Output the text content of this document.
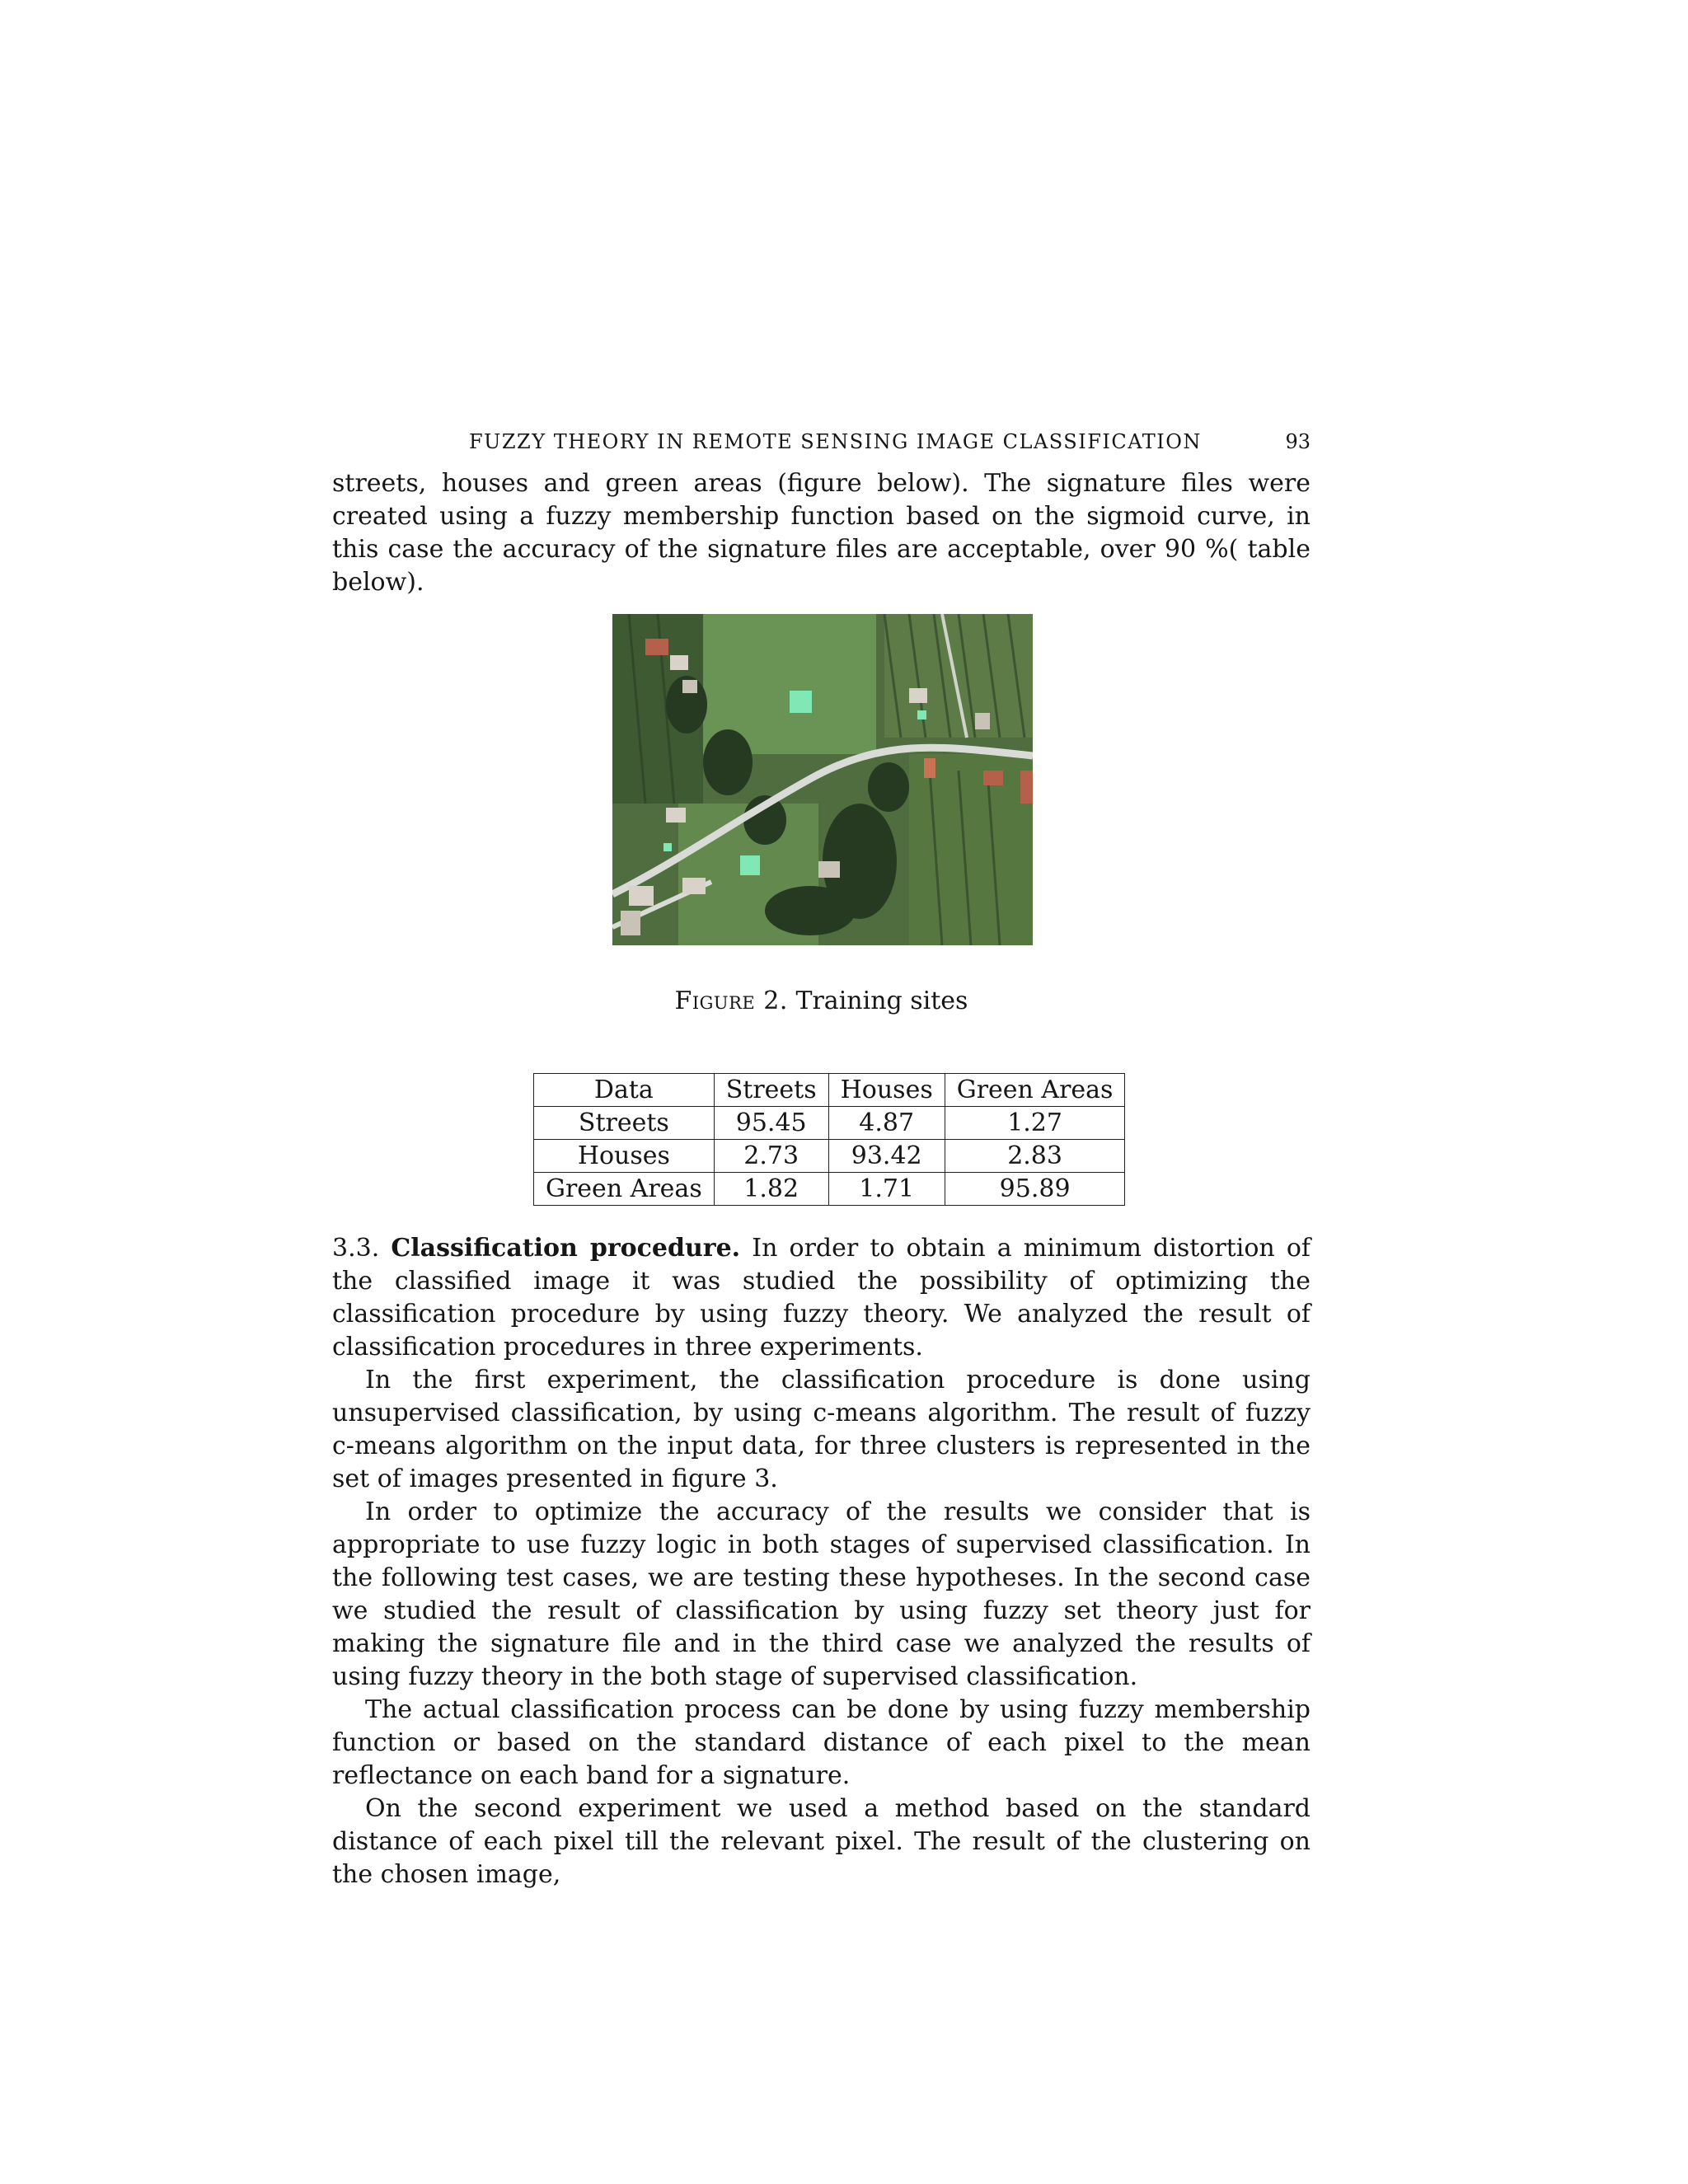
FUZZY THEORY IN REMOTE SENSING IMAGE CLASSIFICATION	93

streets, houses and green areas (figure below). The signature files were created using a fuzzy membership function based on the sigmoid curve, in this case the accuracy of the signature files are acceptable, over 90 %( table below).

Figure 2. Training sites
Data	Streets	Houses	Green Areas
Streets	95.45	4.87	1.27
Houses	2.73	93.42	2.83
Green Areas	1.82	1.71	95.89

3.3. Classification procedure. In order to obtain a minimum distortion of the classified image it was studied the possibility of optimizing the classification procedure by using fuzzy theory. We analyzed the result of classification procedures in three experiments.

In the first experiment, the classification procedure is done using unsupervised classification, by using c-means algorithm. The result of fuzzy c-means algorithm on the input data, for three clusters is represented in the set of images presented in figure 3.

In order to optimize the accuracy of the results we consider that is appropriate to use fuzzy logic in both stages of supervised classification. In the following test cases, we are testing these hypotheses. In the second case we studied the result of classification by using fuzzy set theory just for making the signature file and in the third case we analyzed the results of using fuzzy theory in the both stage of supervised classification.

The actual classification process can be done by using fuzzy membership function or based on the standard distance of each pixel to the mean reflectance on each band for a signature.

On the second experiment we used a method based on the standard distance of each pixel till the relevant pixel. The result of the clustering on the chosen image,
